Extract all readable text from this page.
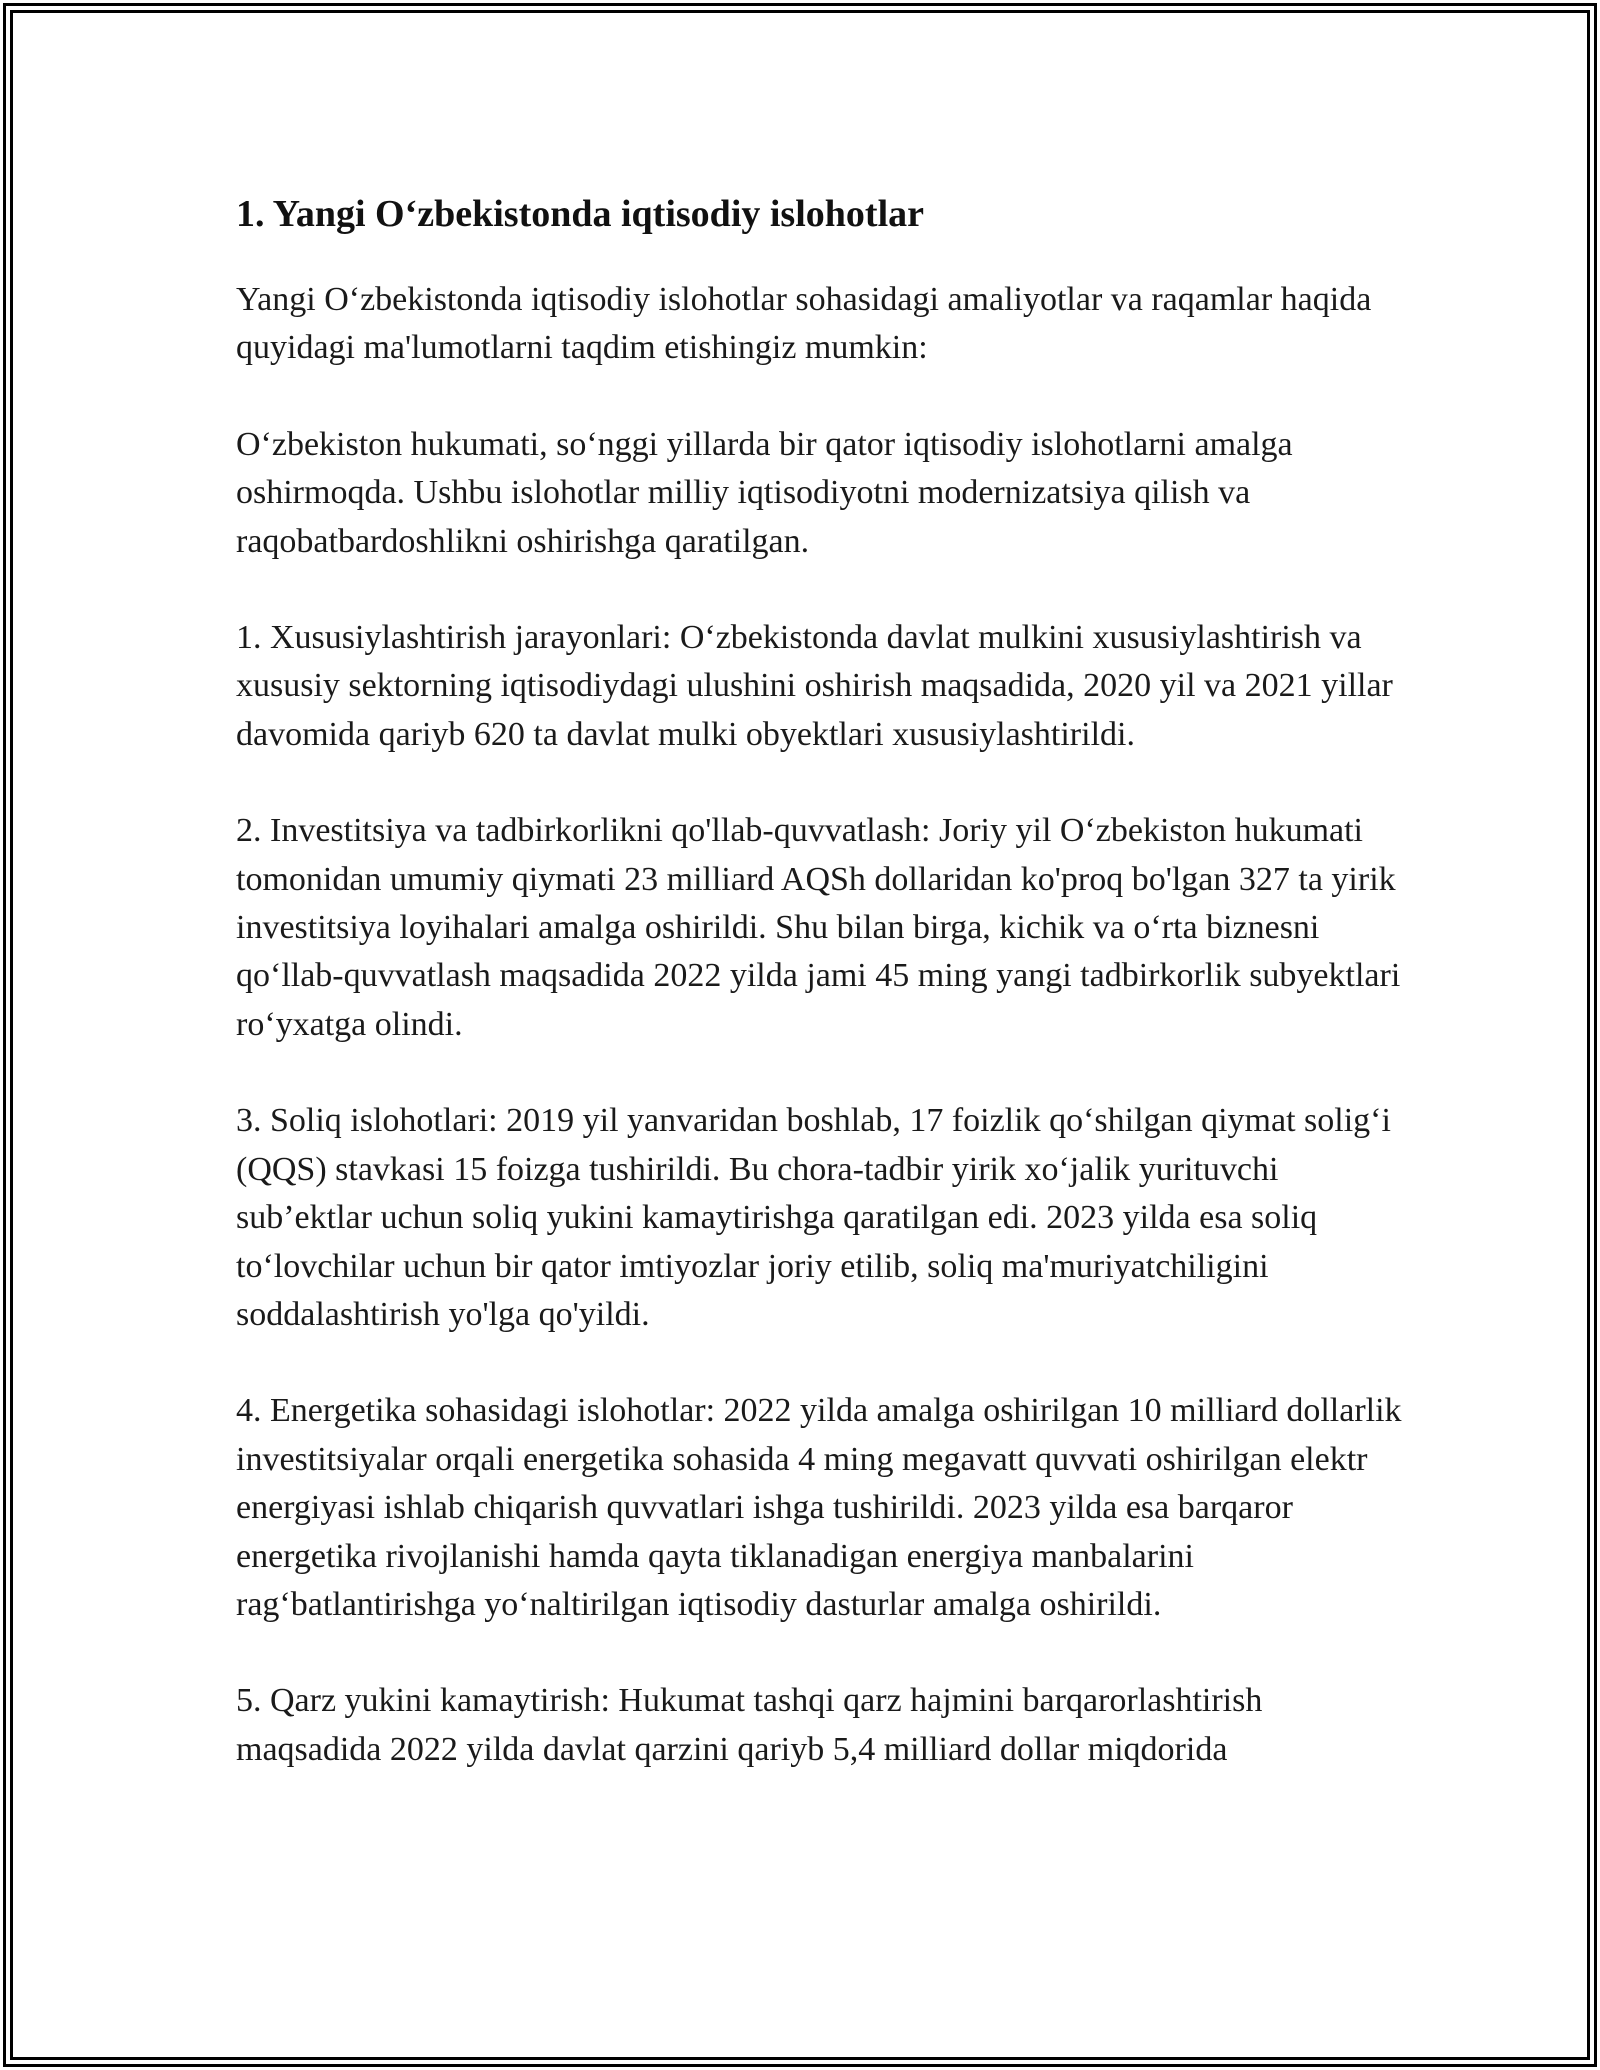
1. Yangi O‘zbekistonda iqtisodiy islohotlar

Yangi O‘zbekistonda iqtisodiy islohotlar sohasidagi amaliyotlar va raqamlar haqida quyidagi ma'lumotlarni taqdim etishingiz mumkin:

O‘zbekiston hukumati, so‘nggi yillarda bir qator iqtisodiy islohotlarni amalga oshirmoqda. Ushbu islohotlar milliy iqtisodiyotni modernizatsiya qilish va raqobatbardoshlikni oshirishga qaratilgan.

1. Xususiylashtirish jarayonlari: O‘zbekistonda davlat mulkini xususiylashtirish va xususiy sektorning iqtisodiydagi ulushini oshirish maqsadida, 2020 yil va 2021 yillar davomida qariyb 620 ta davlat mulki obyektlari xususiylashtirildi.

2. Investitsiya va tadbirkorlikni qo'llab-quvvatlash: Joriy yil O‘zbekiston hukumati tomonidan umumiy qiymati 23 milliard AQSh dollaridan ko'proq bo'lgan 327 ta yirik investitsiya loyihalari amalga oshirildi. Shu bilan birga, kichik va o‘rta biznesni qo‘llab-quvvatlash maqsadida 2022 yilda jami 45 ming yangi tadbirkorlik subyektlari ro‘yxatga olindi.

3. Soliq islohotlari: 2019 yil yanvaridan boshlab, 17 foizlik qo‘shilgan qiymat solig‘i (QQS) stavkasi 15 foizga tushirildi. Bu chora-tadbir yirik xo‘jalik yurituvchi sub’ektlar uchun soliq yukini kamaytirishga qaratilgan edi. 2023 yilda esa soliq to‘lovchilar uchun bir qator imtiyozlar joriy etilib, soliq ma'muriyatchiligini soddalashtirish yo'lga qo'yildi.

4. Energetika sohasidagi islohotlar: 2022 yilda amalga oshirilgan 10 milliard dollarlik investitsiyalar orqali energetika sohasida 4 ming megavatt quvvati oshirilgan elektr energiyasi ishlab chiqarish quvvatlari ishga tushirildi. 2023 yilda esa barqaror energetika rivojlanishi hamda qayta tiklanadigan energiya manbalarini rag‘batlantirishga yo‘naltirilgan iqtisodiy dasturlar amalga oshirildi.

5. Qarz yukini kamaytirish: Hukumat tashqi qarz hajmini barqarorlashtirish maqsadida 2022 yilda davlat qarzini qariyb 5,4 milliard dollar miqdorida
